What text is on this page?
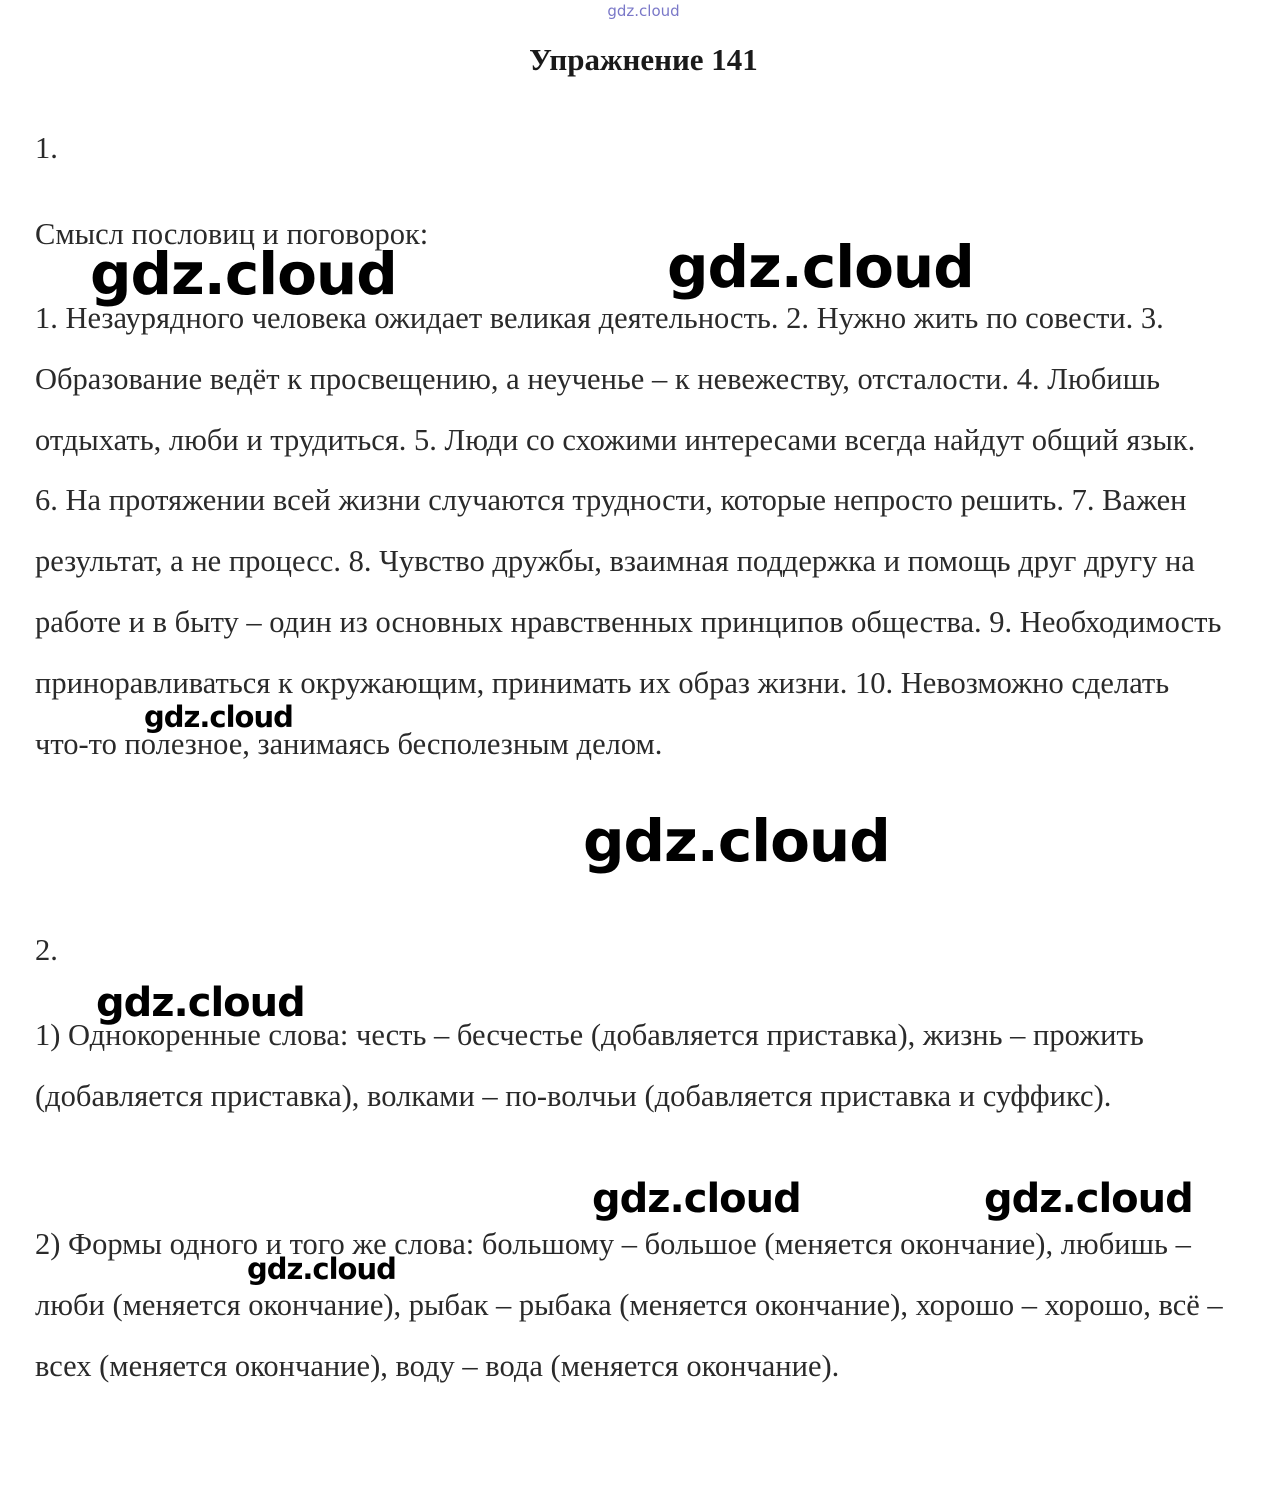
gdz.cloud
Упражнение 141

1.

Смысл пословиц и поговорок:

1. Незаурядного человека ожидает великая деятельность. 2. Нужно жить по совести. 3. Образование ведёт к просвещению, а неученье – к невежеству, отсталости. 4. Любишь отдыхать, люби и трудиться. 5. Люди со схожими интересами всегда найдут общий язык. 6. На протяжении всей жизни случаются трудности, которые непросто решить. 7. Важен результат, а не процесс. 8. Чувство дружбы, взаимная поддержка и помощь друг другу на работе и в быту – один из основных нравственных принципов общества. 9. Необходимость приноравливаться к окружающим, принимать их образ жизни. 10. Невозможно сделать что-то полезное, занимаясь бесполезным делом.

2.

1) Однокоренные слова: честь – бесчестье (добавляется приставка), жизнь – прожить (добавляется приставка), волками – по-волчьи (добавляется приставка и суффикс).

2) Формы одного и того же слова: большому – большое (меняется окончание), любишь – люби (меняется окончание), рыбак – рыбака (меняется окончание), хорошо – хорошо, всё – всех (меняется окончание), воду – вода (меняется окончание).

gdz.cloud	gdz.cloud
gdz.cloud
gdz.cloud
gdz.cloud
gdz.cloud	gdz.cloud
gdz.cloud
